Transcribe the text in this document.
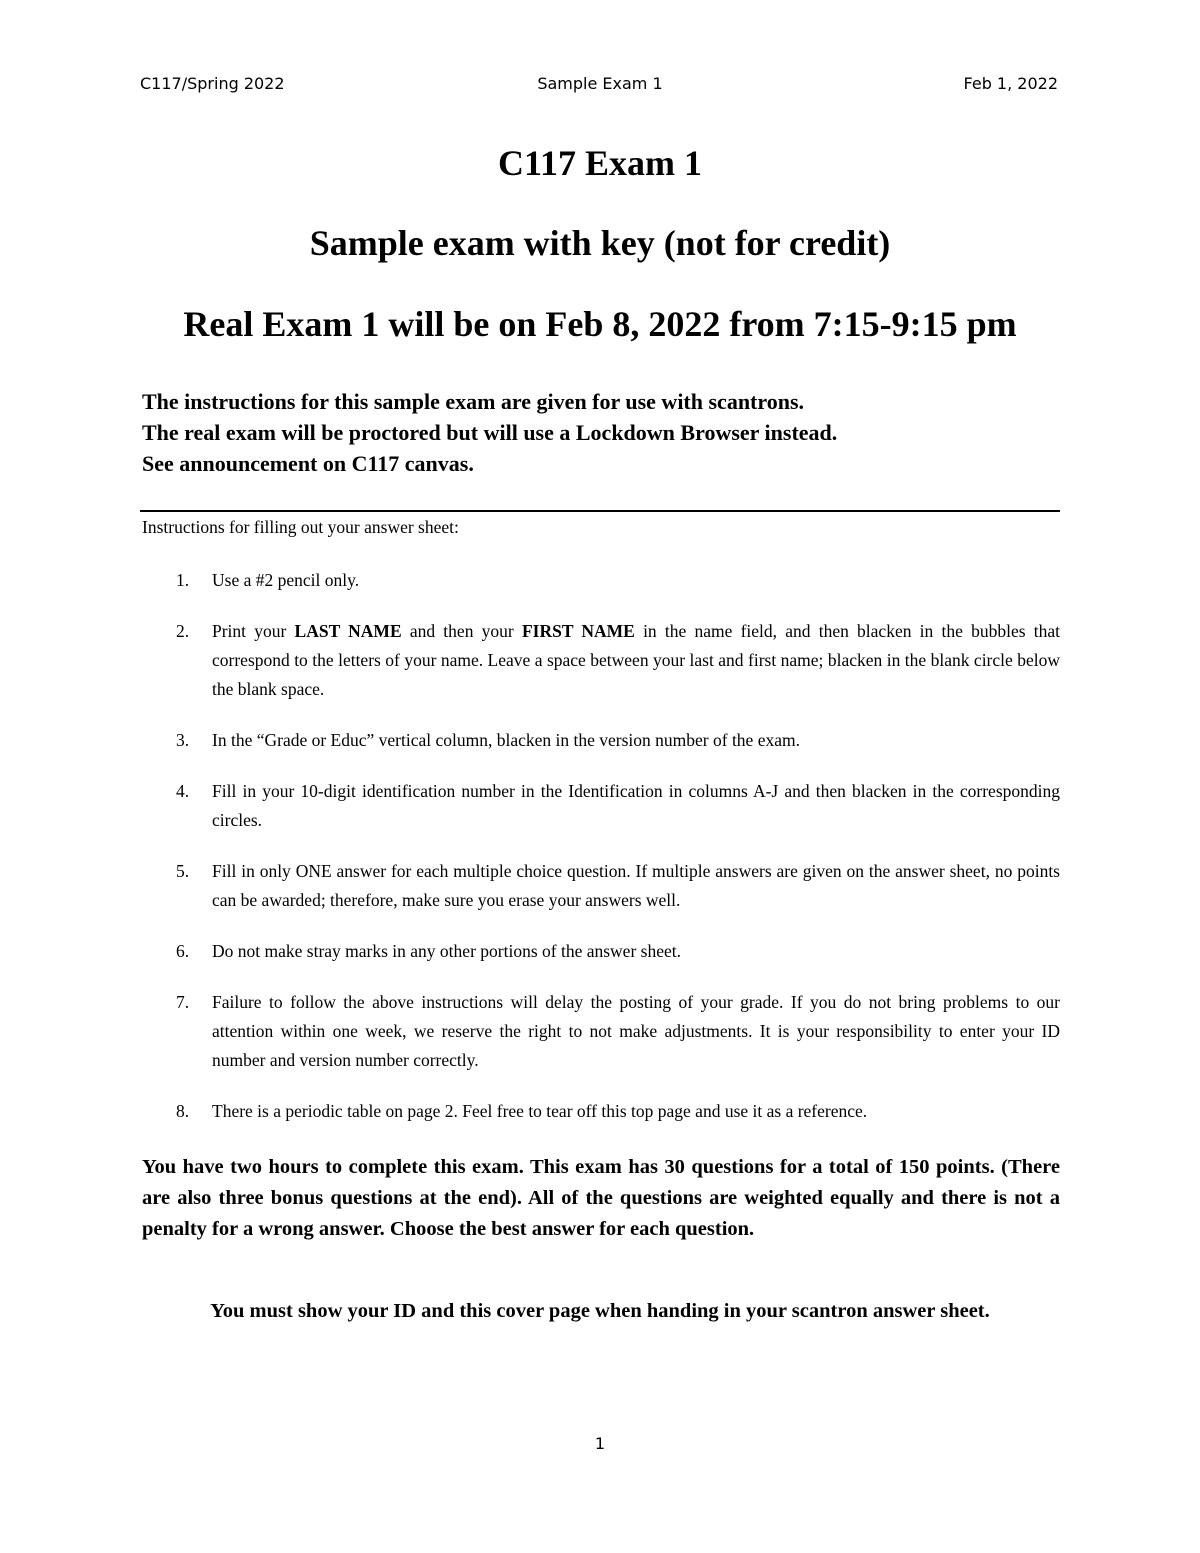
C117/Spring 2022	Sample Exam 1	Feb 1, 2022
C117 Exam 1
Sample exam with key (not for credit)
Real Exam 1 will be on Feb 8, 2022 from 7:15-9:15 pm
The instructions for this sample exam are given for use with scantrons.
The real exam will be proctored but will use a Lockdown Browser instead.
See announcement on C117 canvas.
Instructions for filling out your answer sheet:
1. Use a #2 pencil only.
2. Print your LAST NAME and then your FIRST NAME in the name field, and then blacken in the bubbles that correspond to the letters of your name. Leave a space between your last and first name; blacken in the blank circle below the blank space.
3. In the “Grade or Educ” vertical column, blacken in the version number of the exam.
4. Fill in your 10-digit identification number in the Identification in columns A-J and then blacken in the corresponding circles.
5. Fill in only ONE answer for each multiple choice question. If multiple answers are given on the answer sheet, no points can be awarded; therefore, make sure you erase your answers well.
6. Do not make stray marks in any other portions of the answer sheet.
7. Failure to follow the above instructions will delay the posting of your grade. If you do not bring problems to our attention within one week, we reserve the right to not make adjustments. It is your responsibility to enter your ID number and version number correctly.
8. There is a periodic table on page 2. Feel free to tear off this top page and use it as a reference.
You have two hours to complete this exam. This exam has 30 questions for a total of 150 points. (There are also three bonus questions at the end). All of the questions are weighted equally and there is not a penalty for a wrong answer. Choose the best answer for each question.
You must show your ID and this cover page when handing in your scantron answer sheet.
1
